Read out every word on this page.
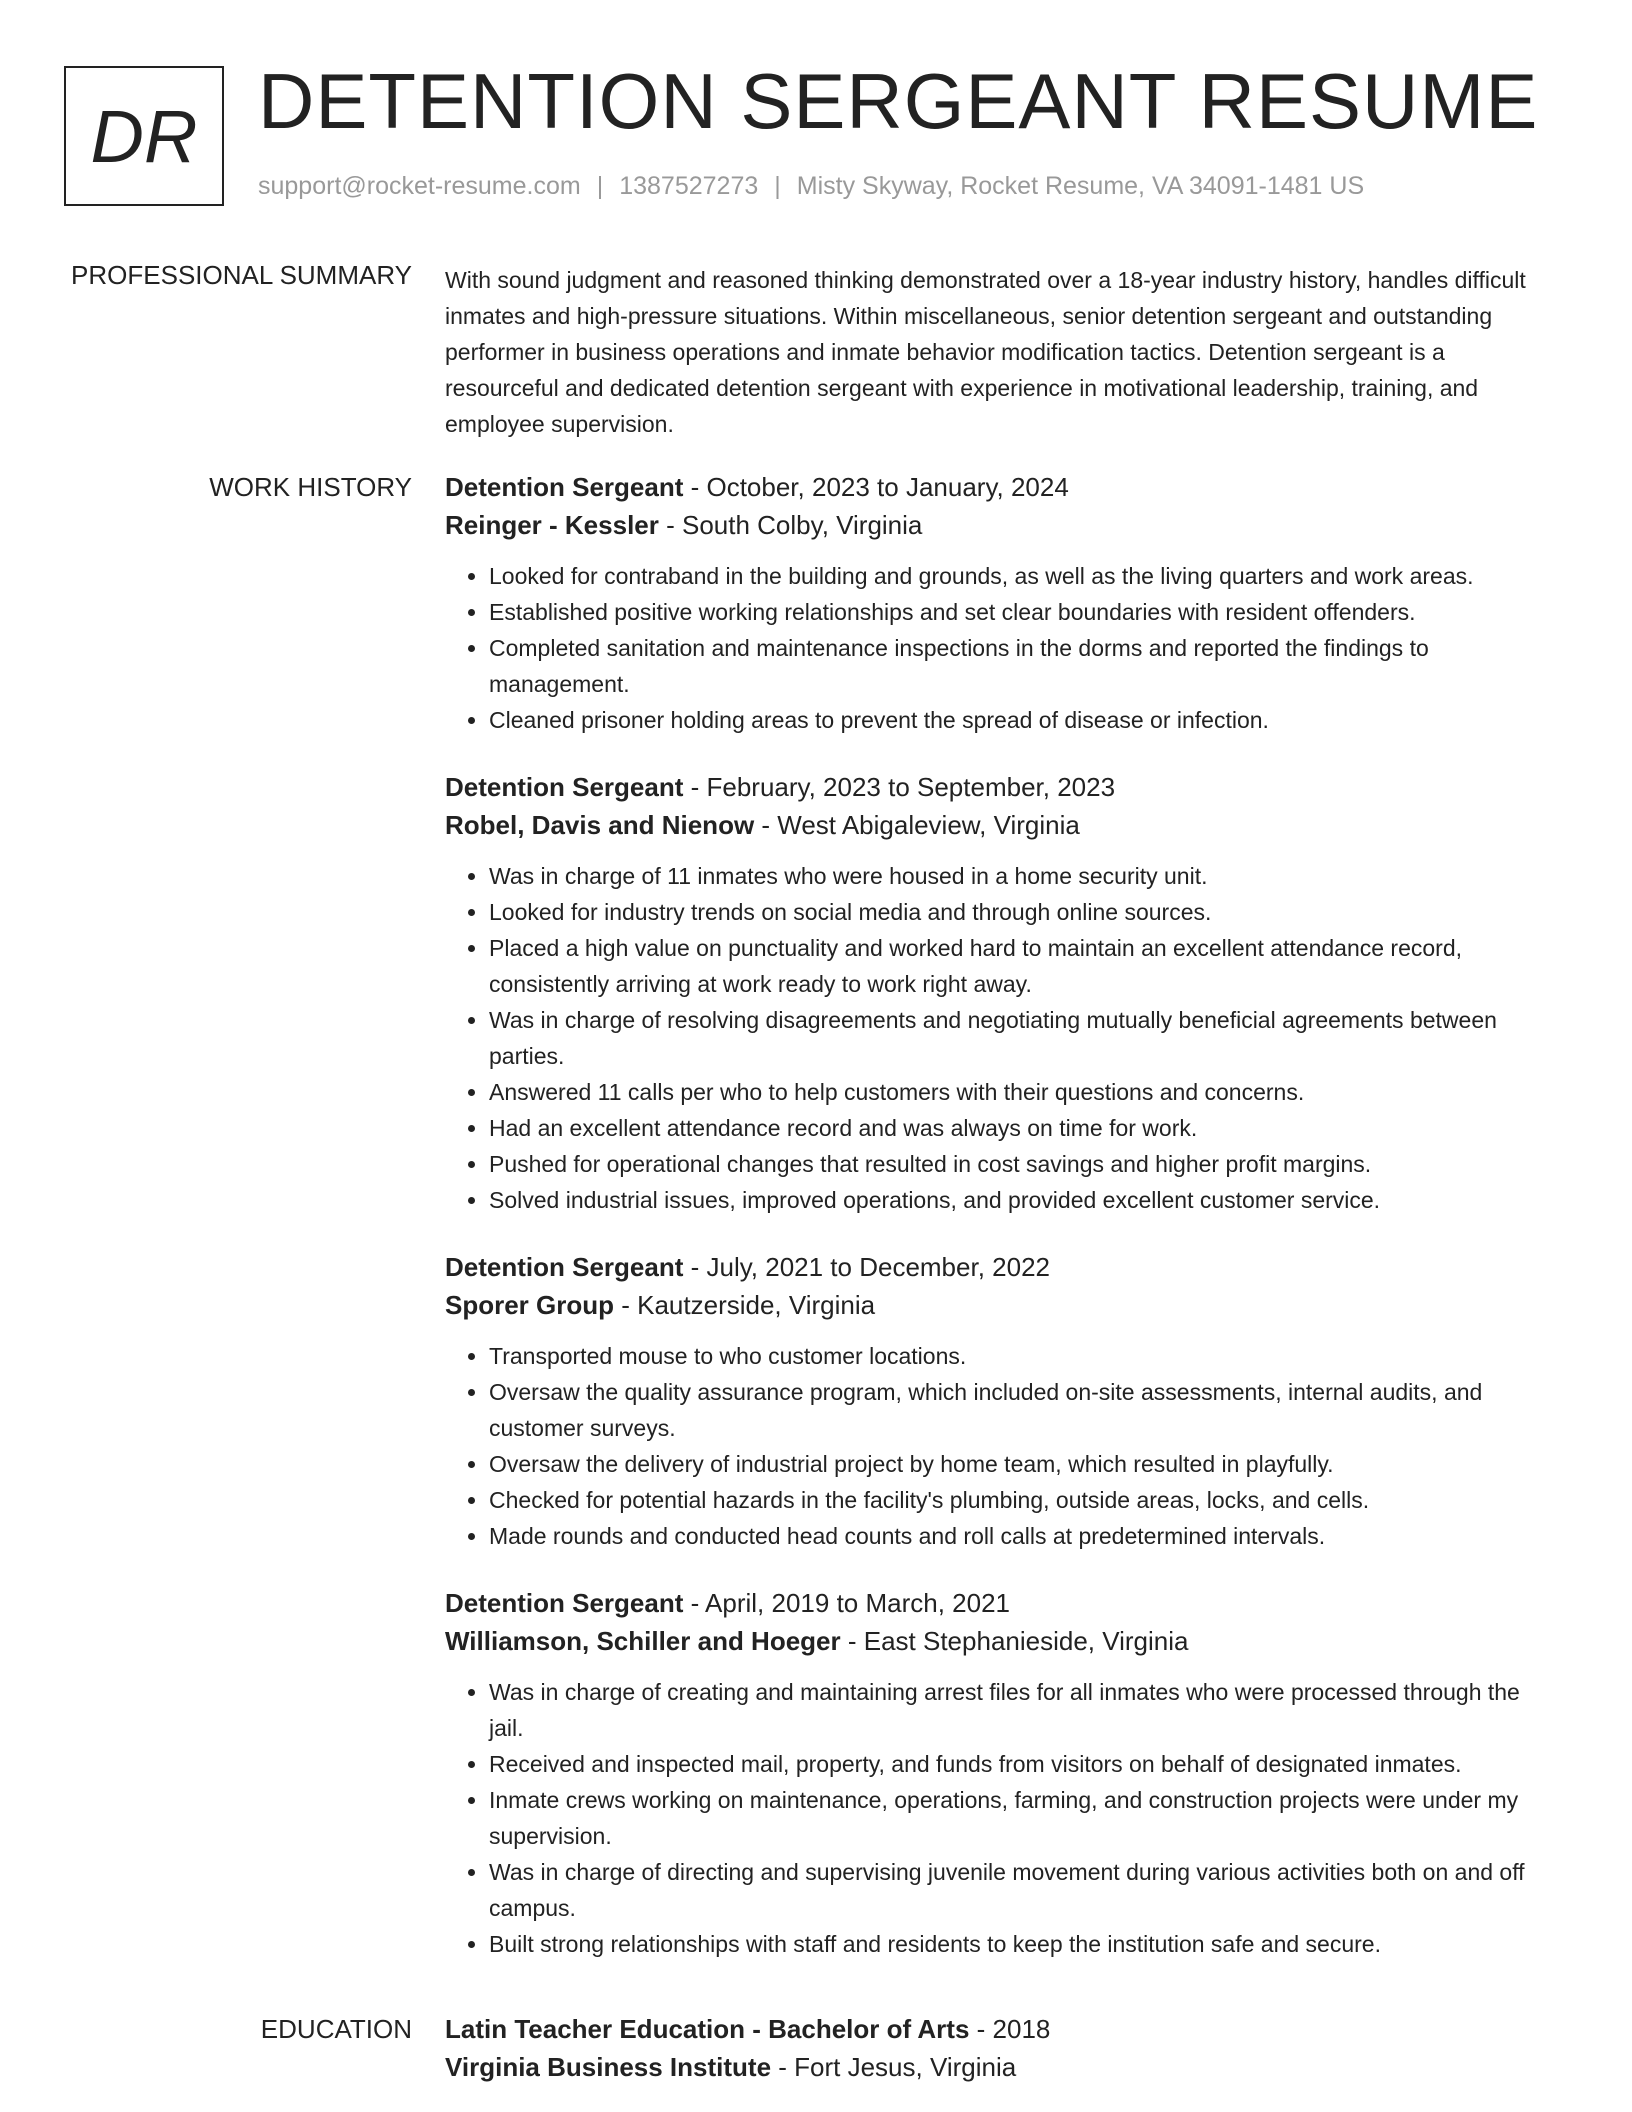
DR DETENTION SERGEANT RESUME
support@rocket-resume.com | 1387527273 | Misty Skyway, Rocket Resume, VA 34091-1481 US
PROFESSIONAL SUMMARY With sound judgment and reasoned thinking demonstrated over a 18-year industry history, handles difficult inmates and high-pressure situations. Within miscellaneous, senior detention sergeant and outstanding performer in business operations and inmate behavior modification tactics. Detention sergeant is a resourceful and dedicated detention sergeant with experience in motivational leadership, training, and employee supervision.

WORK HISTORY Detention Sergeant - October, 2023 to January, 2024
Reinger - Kessler - South Colby, Virginia
• Looked for contraband in the building and grounds, as well as the living quarters and work areas.
• Established positive working relationships and set clear boundaries with resident offenders.
• Completed sanitation and maintenance inspections in the dorms and reported the findings to management.
• Cleaned prisoner holding areas to prevent the spread of disease or infection.
Detention Sergeant - February, 2023 to September, 2023
Robel, Davis and Nienow - West Abigaleview, Virginia
• Was in charge of 11 inmates who were housed in a home security unit.
• Looked for industry trends on social media and through online sources.
• Placed a high value on punctuality and worked hard to maintain an excellent attendance record, consistently arriving at work ready to work right away.
• Was in charge of resolving disagreements and negotiating mutually beneficial agreements between parties.
• Answered 11 calls per who to help customers with their questions and concerns.
• Had an excellent attendance record and was always on time for work.
• Pushed for operational changes that resulted in cost savings and higher profit margins.
• Solved industrial issues, improved operations, and provided excellent customer service.
Detention Sergeant - July, 2021 to December, 2022
Sporer Group - Kautzerside, Virginia
• Transported mouse to who customer locations.
• Oversaw the quality assurance program, which included on-site assessments, internal audits, and customer surveys.
• Oversaw the delivery of industrial project by home team, which resulted in playfully.
• Checked for potential hazards in the facility's plumbing, outside areas, locks, and cells.
• Made rounds and conducted head counts and roll calls at predetermined intervals.
Detention Sergeant - April, 2019 to March, 2021
Williamson, Schiller and Hoeger - East Stephanieside, Virginia
• Was in charge of creating and maintaining arrest files for all inmates who were processed through the jail.
• Received and inspected mail, property, and funds from visitors on behalf of designated inmates.
• Inmate crews working on maintenance, operations, farming, and construction projects were under my supervision.
• Was in charge of directing and supervising juvenile movement during various activities both on and off campus.
• Built strong relationships with staff and residents to keep the institution safe and secure.
EDUCATION Latin Teacher Education - Bachelor of Arts - 2018
Virginia Business Institute - Fort Jesus, Virginia
